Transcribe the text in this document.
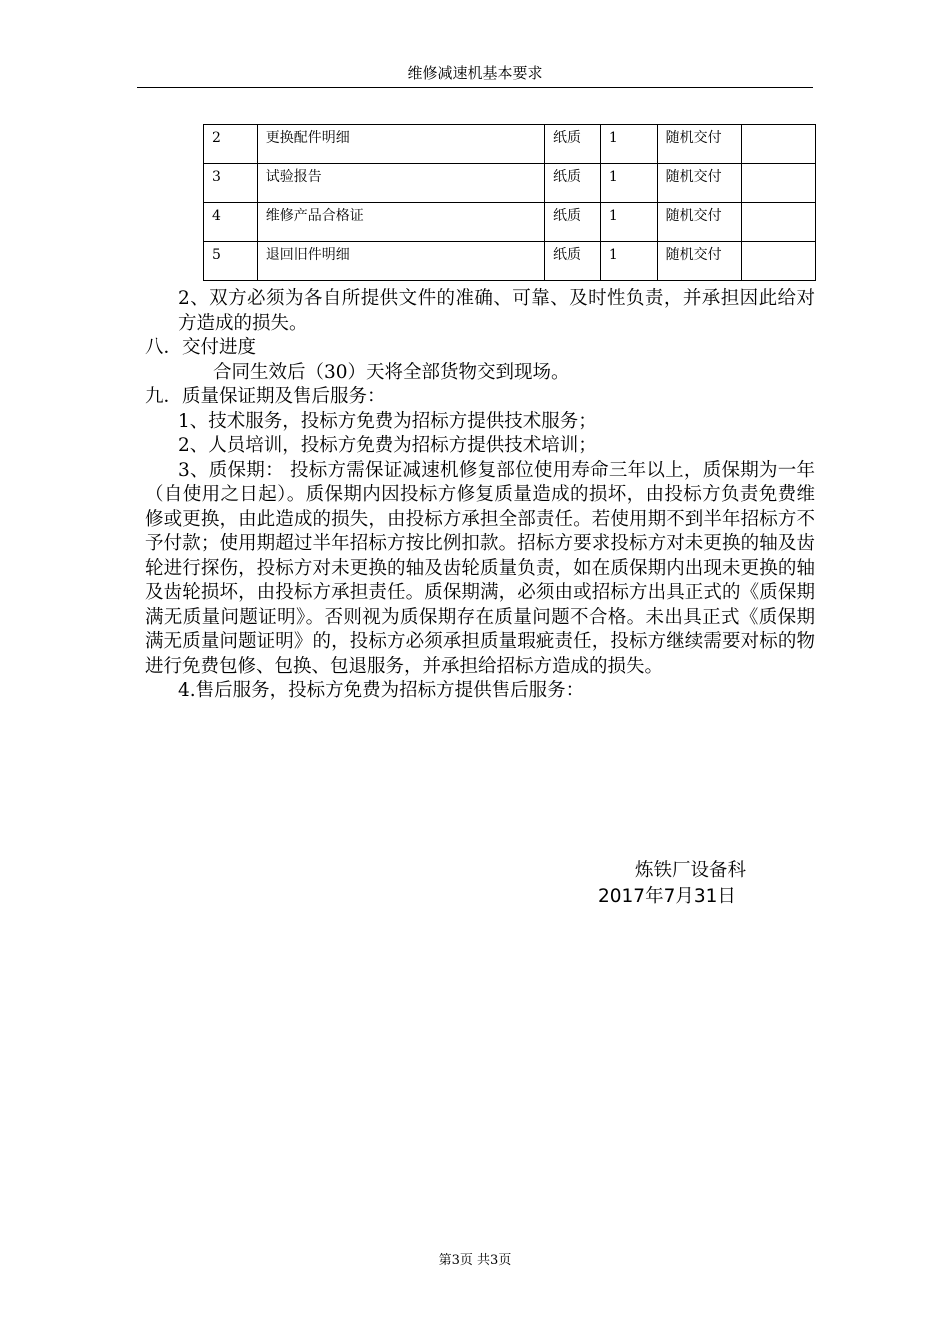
维修减速机基本要求
2	更换配件明细	纸质	1	随机交付	
3	试验报告	纸质	1	随机交付	
4	维修产品合格证	纸质	1	随机交付	
5	退回旧件明细	纸质	1	随机交付	

2、双方必须为各自所提供文件的准确、可靠、及时性负责，并承担因此给对方造成的损失。

八．交付进度

合同生效后（30）天将全部货物交到现场。

九．质量保证期及售后服务：

1、技术服务，投标方免费为招标方提供技术服务；

2、人员培训，投标方免费为招标方提供技术培训；

3、质保期： 投标方需保证减速机修复部位使用寿命三年以上，质保期为一年（自使用之日起）。质保期内因投标方修复质量造成的损坏，由投标方负责免费维修或更换，由此造成的损失，由投标方承担全部责任。若使用期不到半年招标方不予付款；使用期超过半年招标方按比例扣款。招标方要求投标方对未更换的轴及齿轮进行探伤，投标方对未更换的轴及齿轮质量负责，如在质保期内出现未更换的轴及齿轮损坏，由投标方承担责任。质保期满，必须由或招标方出具正式的《质保期满无质量问题证明》。否则视为质保期存在质量问题不合格。未出具正式《质保期满无质量问题证明》的，投标方必须承担质量瑕疵责任，投标方继续需要对标的物进行免费包修、包换、包退服务，并承担给招标方造成的损失。

4.售后服务，投标方免费为招标方提供售后服务：

炼铁厂设备科
2017年7月31日
第3页 共3页
